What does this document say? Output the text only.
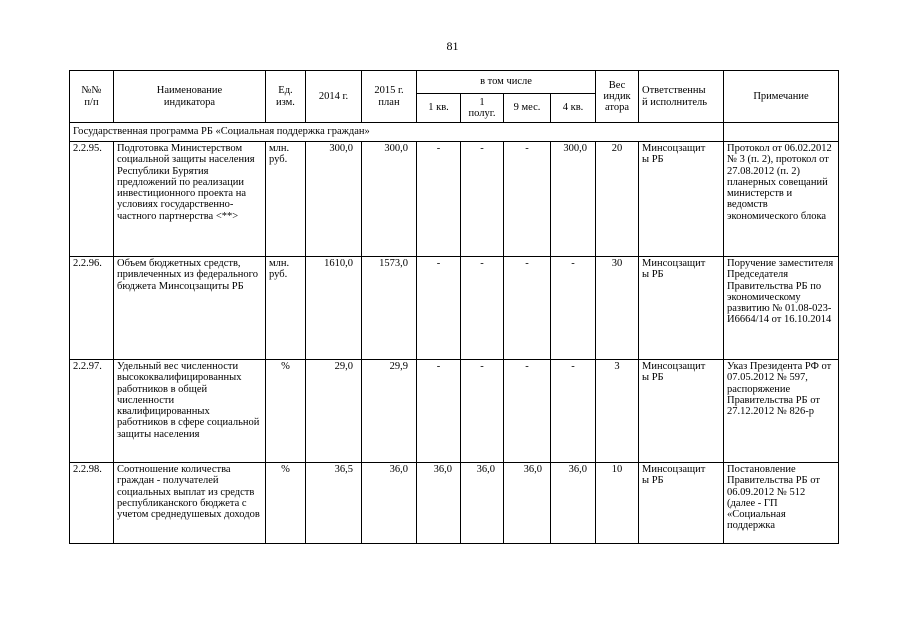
81
№№
п/п	Наименование
индикатора	Ед.
изм.	2014 г.	2015 г.
план	в том числе				Вес
индик
атора	Ответственны
й исполнитель	Примечание
					1 кв.	1
полуг.	9 мес.	4 кв.			
Государственная программа РБ «Социальная поддержка граждан»											
2.2.95.	Подготовка Министерством социальной защиты населения Республики Бурятия предложений по реализации инвестиционного проекта на условиях государственно-частного партнерства <**>	млн.
руб.	300,0	300,0	-	-	-	300,0	20	Минсоцзащит
ы РБ	Протокол от 06.02.2012 № 3 (п. 2), протокол от 27.08.2012 (п. 2) планерных совещаний министерств и ведомств экономического блока
2.2.96.	Объем бюджетных средств, привлеченных из федерального бюджета Минсоцзащиты РБ	млн.
руб.	1610,0	1573,0	-	-	-	-	30	Минсоцзащит
ы РБ	Поручение заместителя Председателя Правительства РБ по экономическому развитию № 01.08-023-И6664/14 от 16.10.2014
2.2.97.	Удельный вес численности высококвалифицированных работников в общей численности квалифицированных работников в сфере социальной защиты населения	%	29,0	29,9	-	-	-	-	3	Минсоцзащит
ы РБ	Указ Президента РФ от 07.05.2012 № 597, распоряжение Правительства РБ от 27.12.2012 № 826-р
2.2.98.	Соотношение количества граждан - получателей социальных выплат из средств республиканского бюджета с учетом среднедушевых доходов	%	36,5	36,0	36,0	36,0	36,0	36,0	10	Минсоцзащит
ы РБ	Постановление Правительства РБ от 06.09.2012 № 512 (далее - ГП «Социальная поддержка
